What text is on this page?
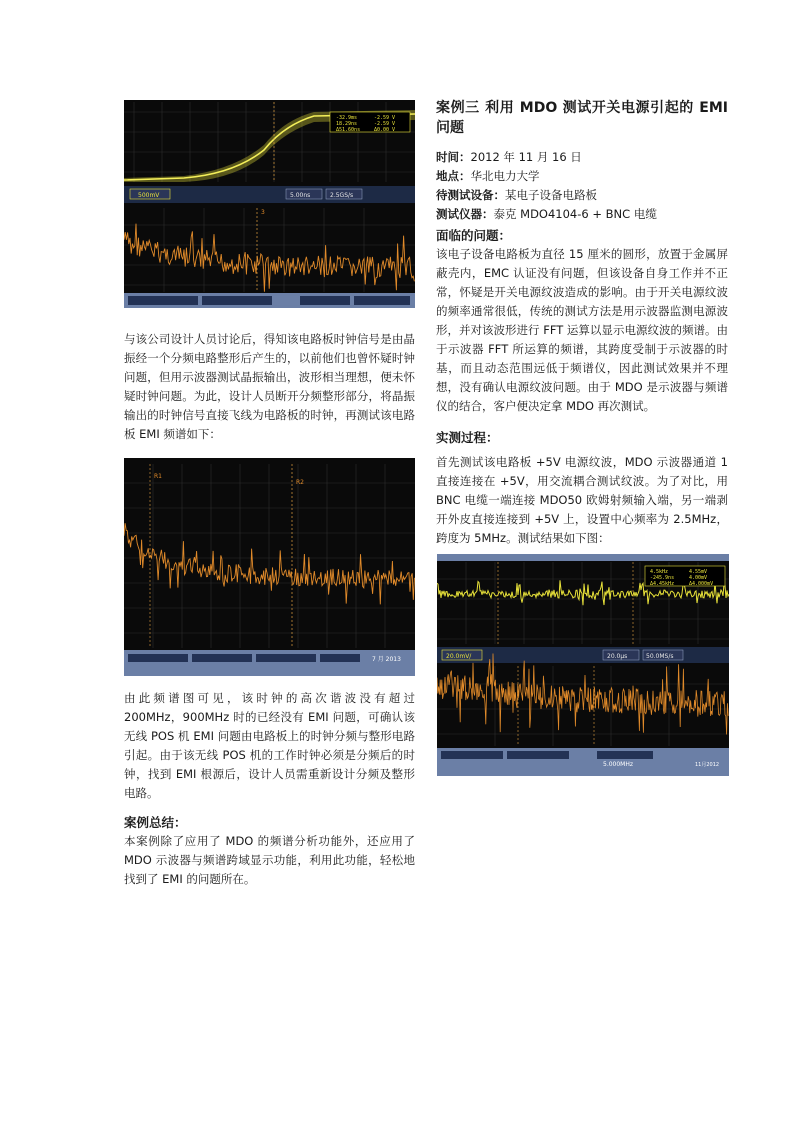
-32.9ms	-2.59 V
18.29ns	-2.59 V
Δ51.60ns	Δ0.00 V
500mV	5.00ns	2.5GS/s
3

与该公司设计人员讨论后，得知该电路板时钟信号是由晶振经一个分频电路整形后产生的，以前他们也曾怀疑时钟问题，但用示波器测试晶振输出，波形相当理想，便未怀疑时钟问题。为此，设计人员断开分频整形部分，将晶振输出的时钟信号直接飞线为电路板的时钟，再测试该电路板 EMI 频谱如下：

R1
R2
7 月 2013

由此频谱图可见，该时钟的高次谐波没有超过 200MHz，900MHz 时的已经没有 EMI 问题，可确认该无线 POS 机 EMI 问题由电路板上的时钟分频与整形电路引起。由于该无线 POS 机的工作时钟必须是分频后的时钟，找到 EMI 根源后，设计人员需重新设计分频及整形电路。

案例总结：

本案例除了应用了 MDO 的频谱分析功能外，还应用了 MDO 示波器与频谱跨域显示功能，利用此功能，轻松地找到了 EMI 的问题所在。

案例三 利用 MDO 测试开关电源引起的 EMI 问题

时间：2012 年 11 月 16 日

地点：华北电力大学

待测试设备：某电子设备电路板

测试仪器：泰克 MDO4104-6 + BNC 电缆

面临的问题：

该电子设备电路板为直径 15 厘米的圆形，放置于金属屏蔽壳内，EMC 认证没有问题，但该设备自身工作并不正常，怀疑是开关电源纹波造成的影响。由于开关电源纹波的频率通常很低，传统的测试方法是用示波器监测电源波形，并对该波形进行 FFT 运算以显示电源纹波的频谱。由于示波器 FFT 所运算的频谱，其跨度受制于示波器的时基，而且动态范围远低于频谱仪，因此测试效果并不理想，没有确认电源纹波问题。由于 MDO 是示波器与频谱仪的结合，客户便决定拿 MDO 再次测试。

实测过程：

首先测试该电路板 +5V 电源纹波，MDO 示波器通道 1 直接连接在 +5V，用交流耦合测试纹波。为了对比，用 BNC 电缆一端连接 MDO50 欧姆射频输入端，另一端剥开外皮直接连接到 +5V 上，设置中心频率为 2.5MHz，跨度为 5MHz。测试结果如下图：

4.5kHz	4.55mV
-245.9ns	4.00mV
Δ4.45kHz	Δ4.000mV
20.0mV/	20.0μs	50.0MS/s
5.000MHz	11月2012
